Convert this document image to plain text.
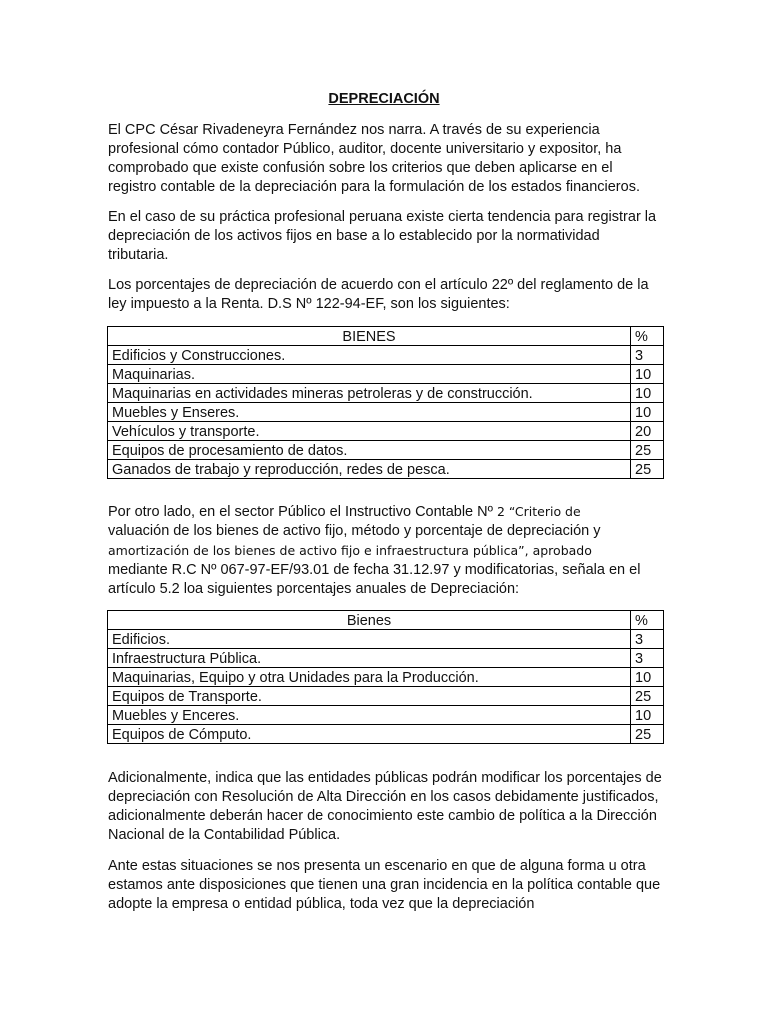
DEPRECIACIÓN

El CPC César Rivadeneyra Fernández nos narra. A través de su experiencia profesional cómo contador Público, auditor, docente universitario y expositor, ha comprobado que existe confusión sobre los criterios que deben aplicarse en el registro contable de la depreciación para la formulación de los estados financieros.

En el caso de su práctica profesional peruana existe cierta tendencia para registrar la depreciación de los activos fijos en base a lo establecido por la normatividad tributaria.

Los porcentajes de depreciación de acuerdo con el artículo 22º del reglamento de la ley impuesto a la Renta. D.S Nº 122-94-EF, son los siguientes:

BIENES	%
Edificios y Construcciones.	3
Maquinarias.	10
Maquinarias en actividades mineras petroleras y de construcción.	10
Muebles y Enseres.	10
Vehículos y transporte.	20
Equipos de procesamiento de datos.	25
Ganados de trabajo y reproducción, redes de pesca.	25

Por otro lado, en el sector Público el Instructivo Contable Nº 2 “Criterio de
valuación de los bienes de activo fijo, método y porcentaje de depreciación y
amortización de los bienes de activo fijo e infraestructura pública”, aprobado
mediante R.C Nº 067-97-EF/93.01 de fecha 31.12.97 y modificatorias, señala en el artículo 5.2 loa siguientes porcentajes anuales de Depreciación:

Bienes	%
Edificios.	3
Infraestructura Pública.	3
Maquinarias, Equipo y otra Unidades para la Producción.	10
Equipos de Transporte.	25
Muebles y Enceres.	10
Equipos de Cómputo.	25

Adicionalmente, indica que las entidades públicas podrán modificar los porcentajes de depreciación con Resolución de Alta Dirección en los casos debidamente justificados, adicionalmente deberán hacer de conocimiento este cambio de política a la Dirección Nacional de la Contabilidad Pública.

Ante estas situaciones se nos presenta un escenario en que de alguna forma u otra estamos ante disposiciones que tienen una gran incidencia en la política contable que adopte la empresa o entidad pública, toda vez que la depreciación
